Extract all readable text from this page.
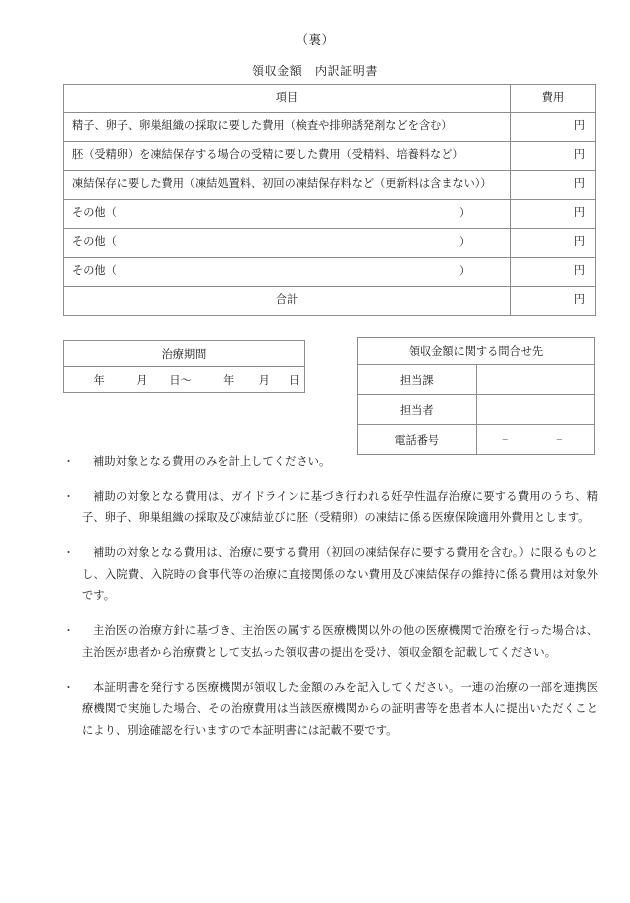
（裏）
領収金額　内訳証明書
項目	費用
精子、卵子、卵巣組織の採取に要した費用（検査や排卵誘発剤などを含む）	円
胚（受精卵）を凍結保存する場合の受精に要した費用（受精料、培養料など）	円
凍結保存に要した費用（凍結処置料、初回の凍結保存料など（更新料は含まない））	円
その他（ ）	円
その他（ ）	円
その他（ ）	円
合計	円
治療期間

年	月	日～	年	月	日
領収金額に関する問合せ先	
担当課	
担当者	
電話番号	− −
・	補助対象となる費用のみを計上してください。
・	補助の対象となる費用は、ガイドラインに基づき行われる妊孕性温存治療に要する費用のうち、精子、卵子、卵巣組織の採取及び凍結並びに胚（受精卵）の凍結に係る医療保険適用外費用とします。
・	補助の対象となる費用は、治療に要する費用（初回の凍結保存に要する費用を含む。）に限るものとし、入院費、入院時の食事代等の治療に直接関係のない費用及び凍結保存の維持に係る費用は対象外です。
・	主治医の治療方針に基づき、主治医の属する医療機関以外の他の医療機関で治療を行った場合は、主治医が患者から治療費として支払った領収書の提出を受け、領収金額を記載してください。
・	本証明書を発行する医療機関が領収した金額のみを記入してください。一連の治療の一部を連携医療機関で実施した場合、その治療費用は当該医療機関からの証明書等を患者本人に提出いただくことにより、別途確認を行いますので本証明書には記載不要です。
